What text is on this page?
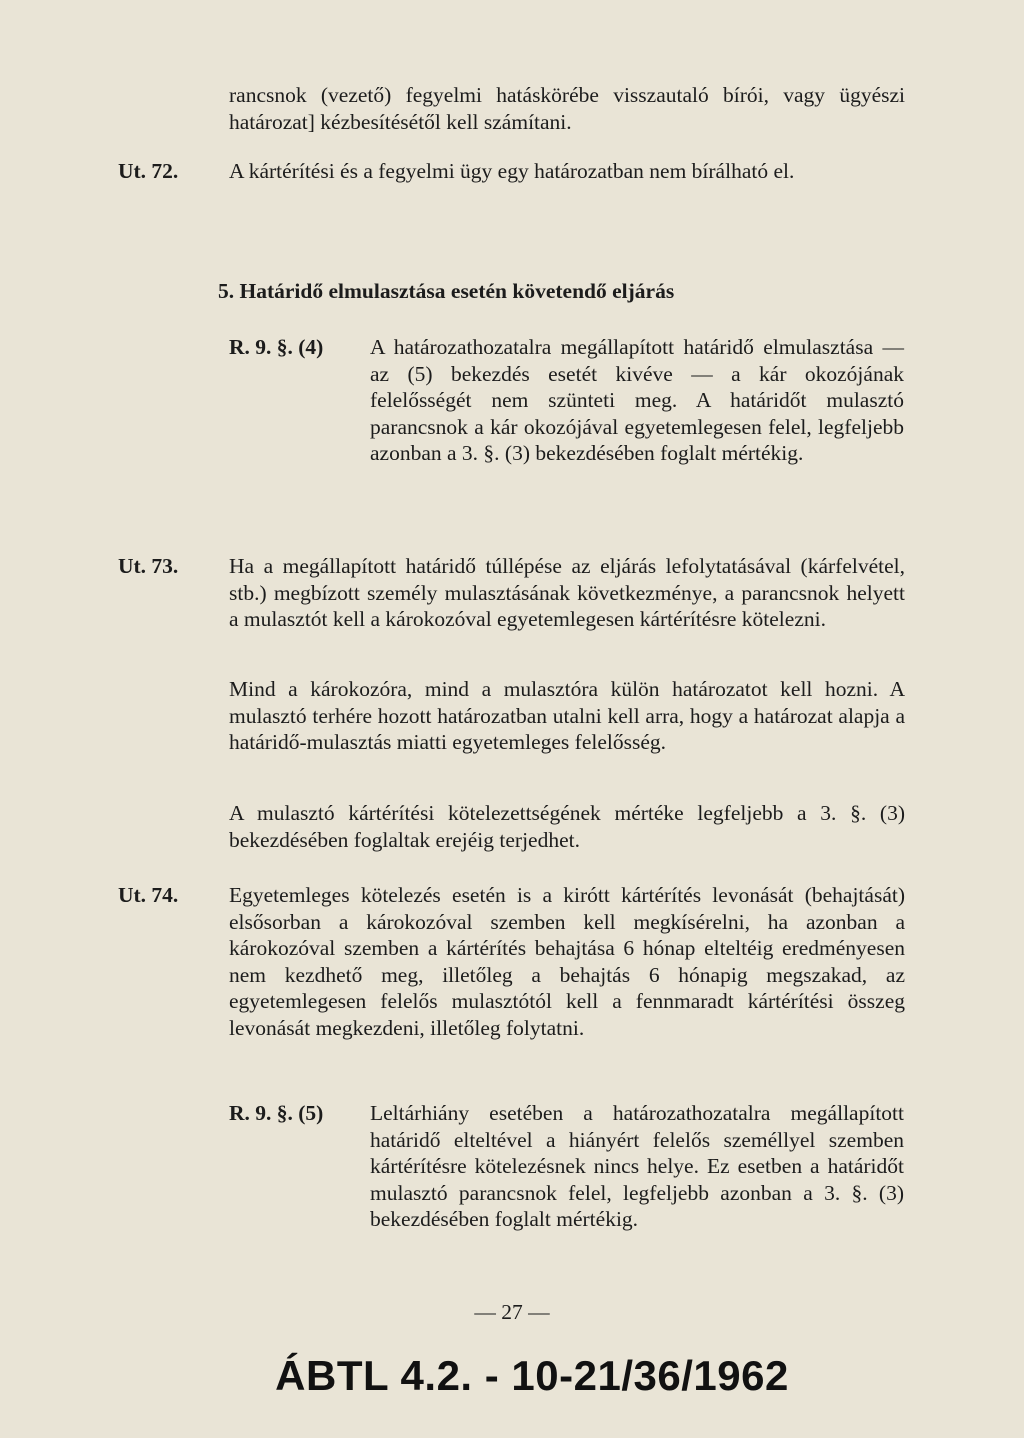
rancsnok (vezető) fegyelmi hatáskörébe visszautaló bírói, vagy ügyészi határozat] kézbesítésétől kell számítani.

Ut. 72. A kártérítési és a fegyelmi ügy egy határozatban nem bírálható el.

5. Határidő elmulasztása esetén követendő eljárás

R. 9. §. (4) A határozathozatalra megállapított határidő elmulasztása — az (5) bekezdés esetét kivéve — a kár okozójának felelősségét nem szünteti meg. A határidőt mulasztó parancsnok a kár okozójával egyetemlegesen felel, legfeljebb azonban a 3. §. (3) bekezdésében foglalt mértékig.

Ut. 73. Ha a megállapított határidő túllépése az eljárás lefolytatásával (kárfelvétel, stb.) megbízott személy mulasztásának következménye, a parancsnok helyett a mulasztót kell a károkozóval egyetemlegesen kártérítésre kötelezni.

Mind a károkozóra, mind a mulasztóra külön határozatot kell hozni. A mulasztó terhére hozott határozatban utalni kell arra, hogy a határozat alapja a határidő-mulasztás miatti egyetemleges felelősség.

A mulasztó kártérítési kötelezettségének mértéke legfeljebb a 3. §. (3) bekezdésében foglaltak erejéig terjedhet.

Ut. 74. Egyetemleges kötelezés esetén is a kirótt kártérítés levonását (behajtását) elsősorban a károkozóval szemben kell megkísérelni, ha azonban a károkozóval szemben a kártérítés behajtása 6 hónap elteltéig eredményesen nem kezdhető meg, illetőleg a behajtás 6 hónapig megszakad, az egyetemlegesen felelős mulasztótól kell a fennmaradt kártérítési összeg levonását megkezdeni, illetőleg folytatni.

R. 9. §. (5) Leltárhiány esetében a határozathozatalra megállapított határidő elteltével a hiányért felelős személlyel szemben kártérítésre kötelezésnek nincs helye. Ez esetben a határidőt mulasztó parancsnok felel, legfeljebb azonban a 3. §. (3) bekezdésében foglalt mértékig.

— 27 —

ÁBTL 4.2. - 10-21/36/1962
